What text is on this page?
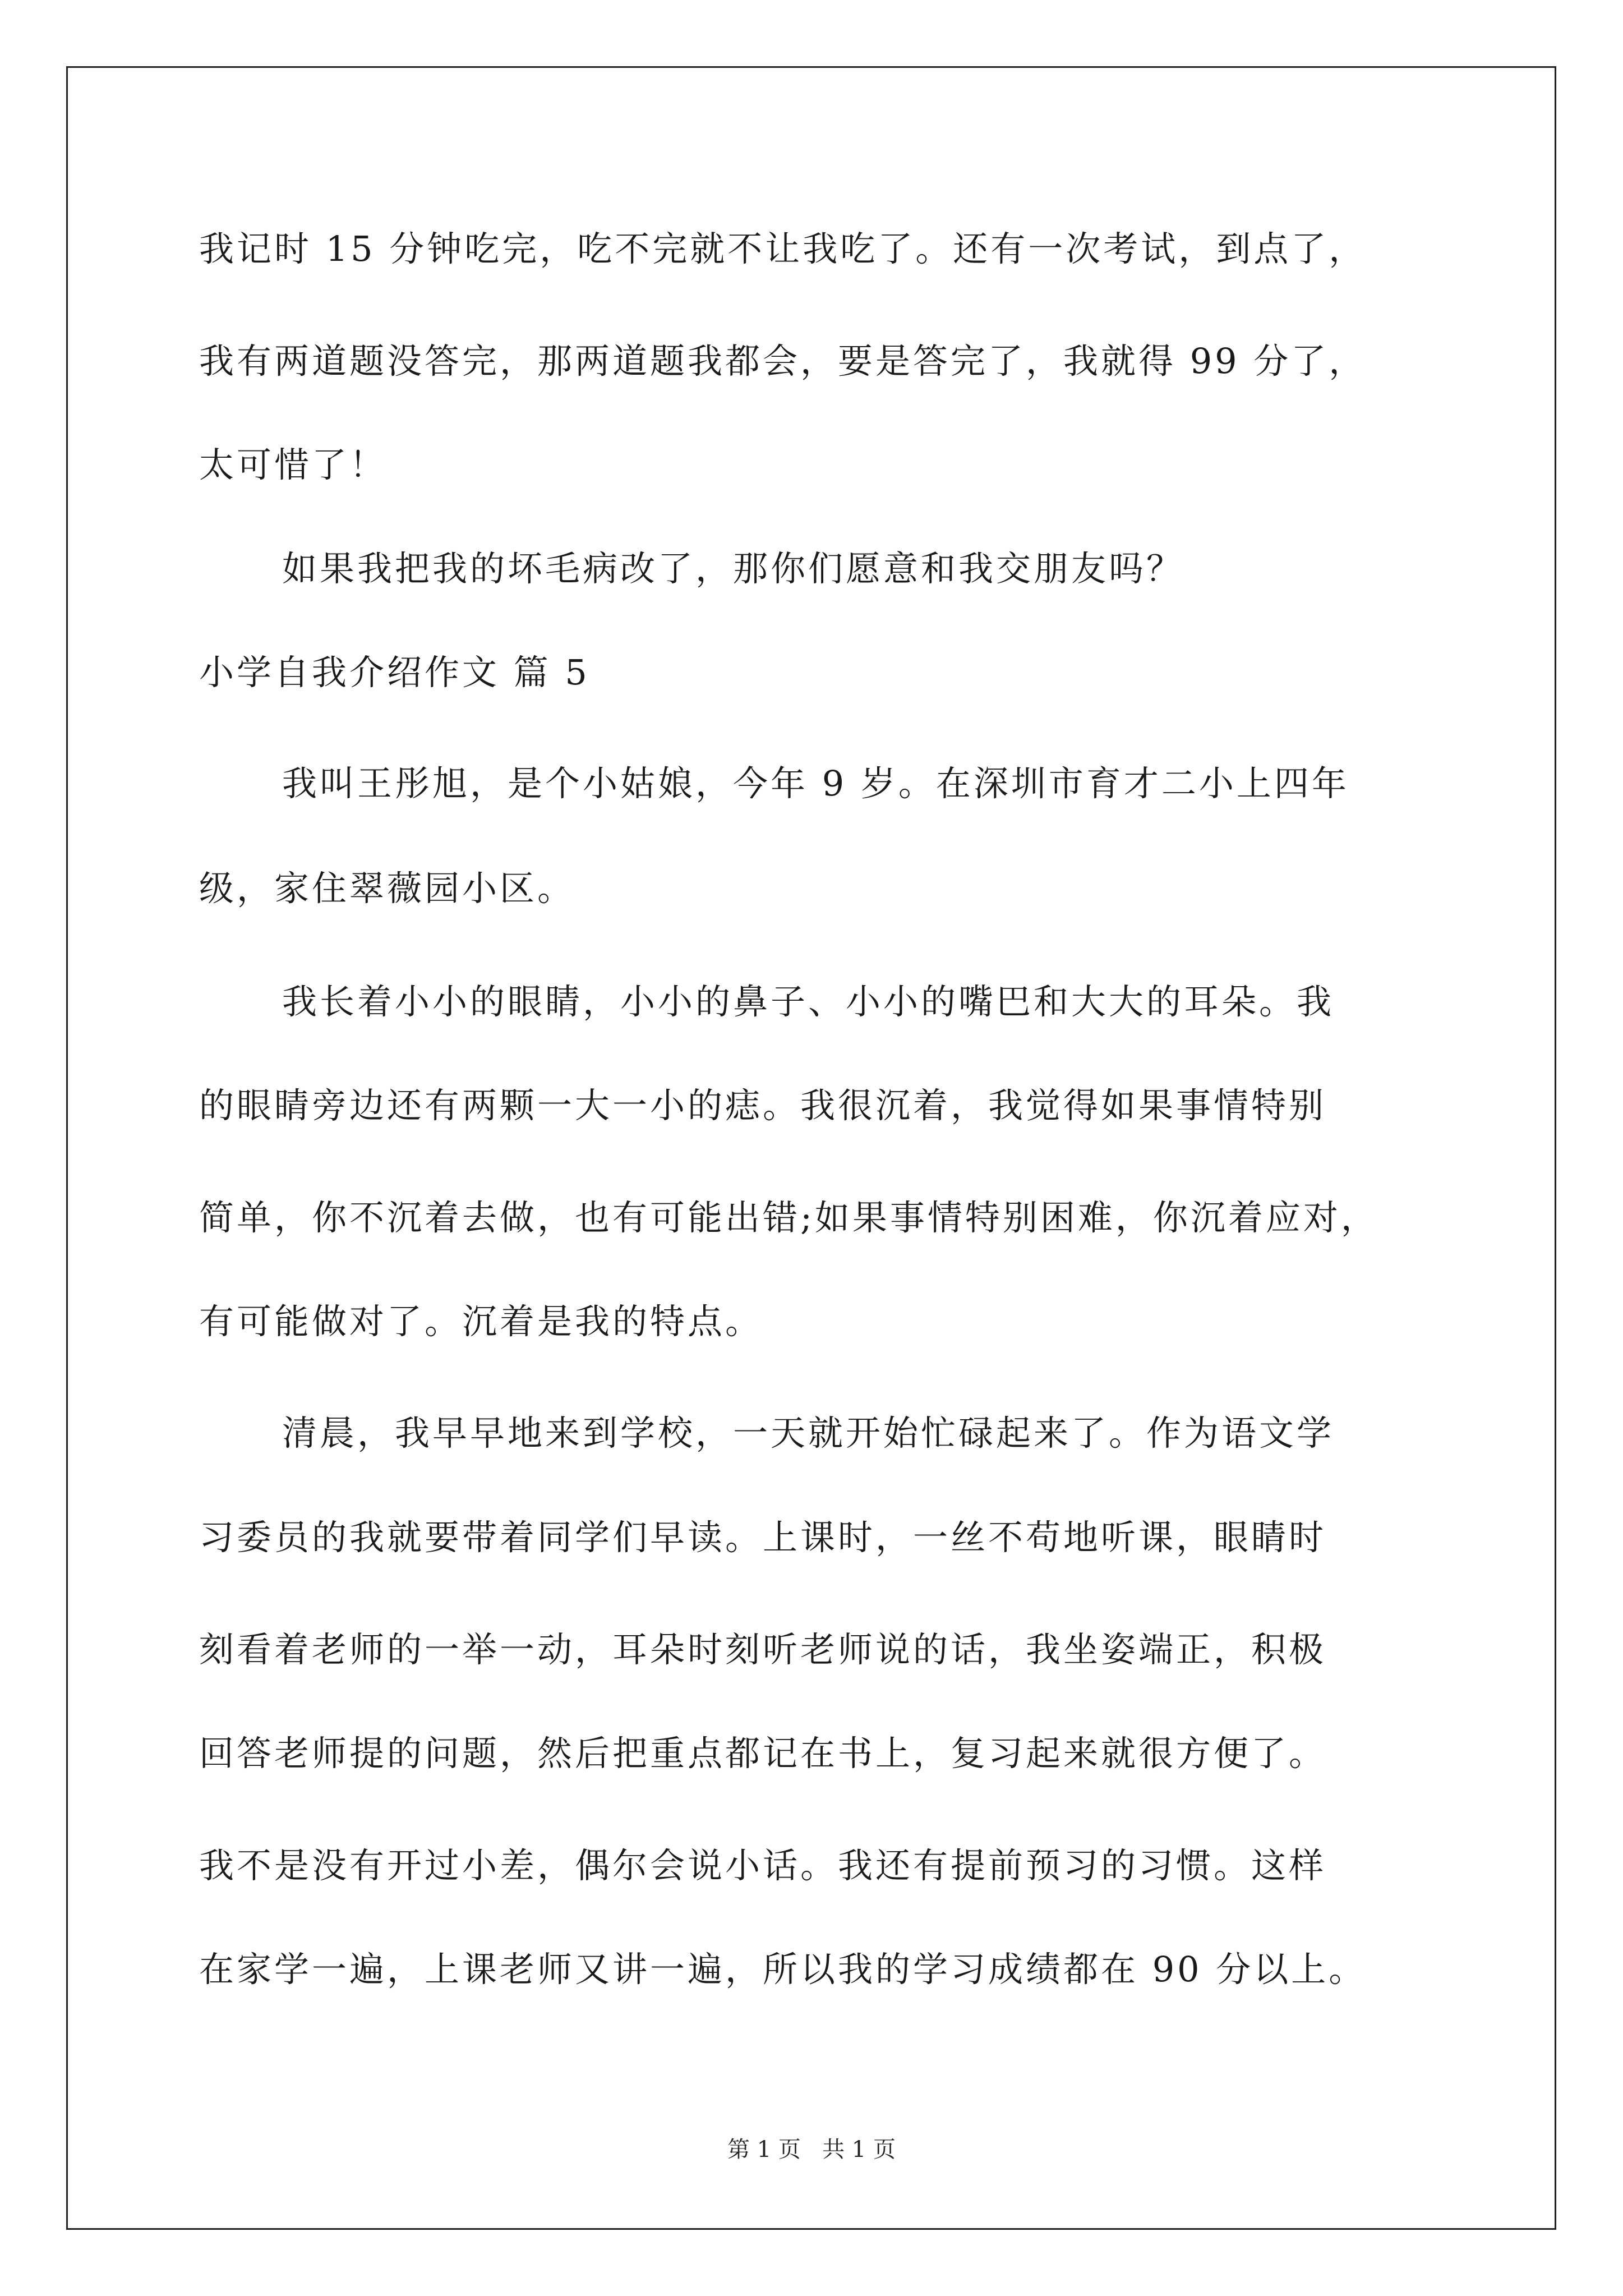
我记时 15 分钟吃完，吃不完就不让我吃了。还有一次考试，到点了，
我有两道题没答完，那两道题我都会，要是答完了，我就得 99 分了，
太可惜了！
如果我把我的坏毛病改了，那你们愿意和我交朋友吗？
小学自我介绍作文 篇 5
我叫王彤旭，是个小姑娘，今年 9 岁。在深圳市育才二小上四年
级，家住翠薇园小区。
我长着小小的眼睛，小小的鼻子、小小的嘴巴和大大的耳朵。我
的眼睛旁边还有两颗一大一小的痣。我很沉着，我觉得如果事情特别
简单，你不沉着去做，也有可能出错;如果事情特别困难，你沉着应对，
有可能做对了。沉着是我的特点。
清晨，我早早地来到学校，一天就开始忙碌起来了。作为语文学
习委员的我就要带着同学们早读。上课时，一丝不苟地听课，眼睛时
刻看着老师的一举一动，耳朵时刻听老师说的话，我坐姿端正，积极
回答老师提的问题，然后把重点都记在书上，复习起来就很方便了。
我不是没有开过小差，偶尔会说小话。我还有提前预习的习惯。这样
在家学一遍，上课老师又讲一遍，所以我的学习成绩都在 90 分以上。
第 1 页   共 1 页
